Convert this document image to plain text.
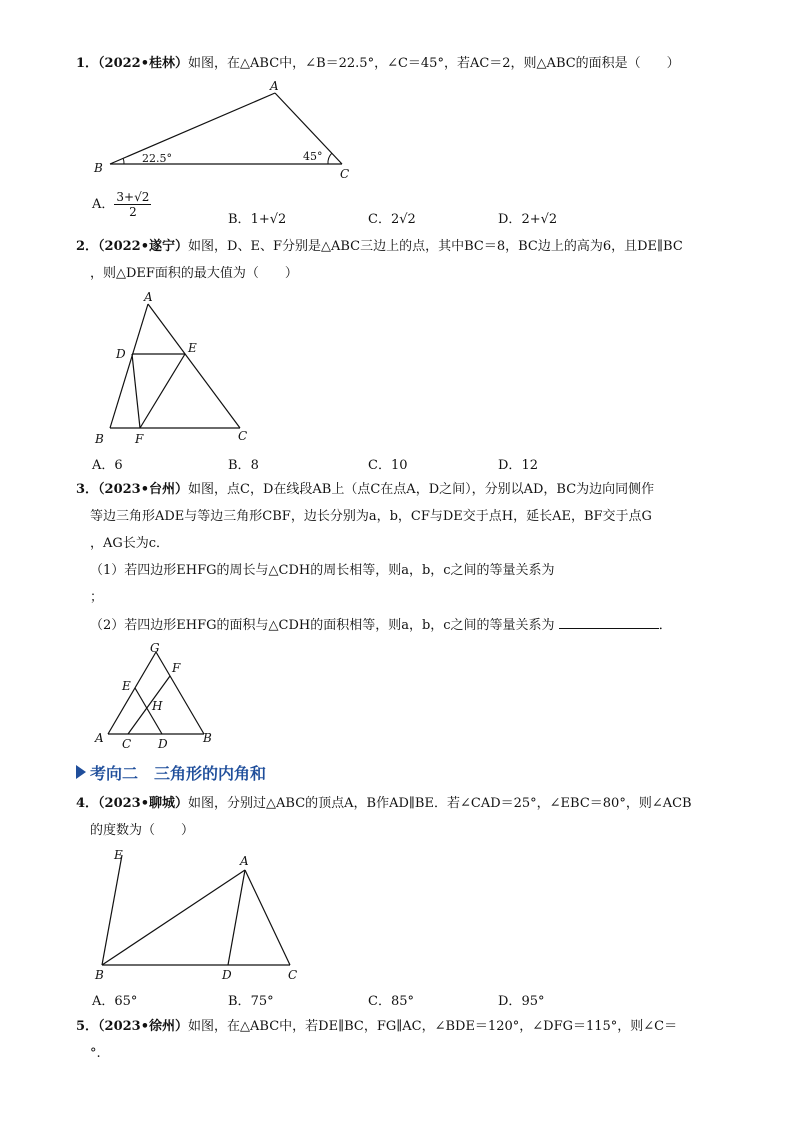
1．（2022•桂林）如图，在△ABC中，∠B＝22.5°，∠C＝45°，若AC＝2，则△ABC的面积是（　　）
A
B	C
22.5°	45°
A． $\frac{3+√2}{2}$
B．1+√2	C．2√2	D．2+√2
2．（2022•遂宁）如图，D、E、F分别是△ABC三边上的点，其中BC＝8，BC边上的高为6，且DE∥BC
，则△DEF面积的最大值为（　　）
A
B	C
D	E
F
A．6	B．8	C．10	D．12
3．（2023•台州）如图，点C，D在线段AB上（点C在点A，D之间），分别以AD，BC为边向同侧作
等边三角形ADE与等边三角形CBF，边长分别为a，b，CF与DE交于点H，延长AE，BF交于点G
，AG长为c．
（1）若四边形EHFG的周长与△CDH的周长相等，则a，b，c之间的等量关系为
；
（2）若四边形EHFG的面积与△CDH的面积相等，则a，b，c之间的等量关系为	．
G
F
E
H
A C D	B
考向二　三角形的内角和
4．（2023•聊城）如图，分别过△ABC的顶点A，B作AD∥BE．若∠CAD＝25°，∠EBC＝80°，则∠ACB
的度数为（　　）
E	A
B	D	C
A．65°	B．75°	C．85°	D．95°
5．（2023•徐州）如图，在△ABC中，若DE∥BC，FG∥AC，∠BDE＝120°，∠DFG＝115°，则∠C＝
°.
